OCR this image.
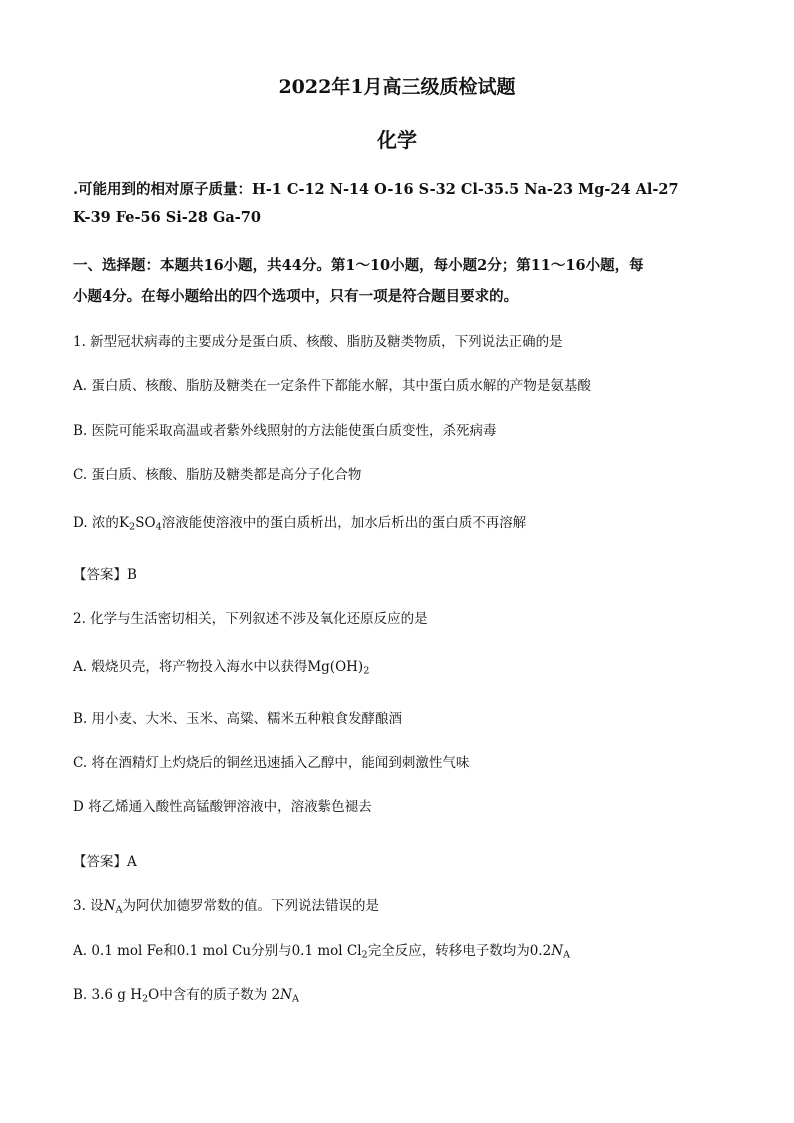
2022年1月高三级质检试题
化学
.可能用到的相对原子质量：H-1 C-12 N-14 O-16 S-32 Cl-35.5 Na-23 Mg-24 Al-27
K-39 Fe-56 Si-28 Ga-70
一、选择题：本题共16小题，共44分。第1～10小题，每小题2分；第11～16小题，每
小题4分。在每小题给出的四个选项中，只有一项是符合题目要求的。
1. 新型冠状病毒的主要成分是蛋白质、核酸、脂肪及糖类物质，下列说法正确的是
A. 蛋白质、核酸、脂肪及糖类在一定条件下都能水解，其中蛋白质水解的产物是氨基酸
B. 医院可能采取高温或者紫外线照射的方法能使蛋白质变性，杀死病毒
C. 蛋白质、核酸、脂肪及糖类都是高分子化合物
D. 浓的$K_2SO_4$溶液能使溶液中的蛋白质析出，加水后析出的蛋白质不再溶解
【答案】B
2. 化学与生活密切相关，下列叙述不涉及氧化还原反应的是
A. 煅烧贝壳，将产物投入海水中以获得$Mg(OH)_2$
B. 用小麦、大米、玉米、高粱、糯米五种粮食发酵酿酒
C. 将在酒精灯上灼烧后的铜丝迅速插入乙醇中，能闻到刺激性气味
D 将乙烯通入酸性高锰酸钾溶液中，溶液紫色褪去
【答案】A
3. 设$N_A$为阿伏加德罗常数的值。下列说法错误的是
A. 0.1 mol Fe和0.1 mol Cu分别与0.1 mol $Cl_2$完全反应，转移电子数均为$0.2N_A$
B. 3.6 g $H_2O$中含有的质子数为 $2N_A$
